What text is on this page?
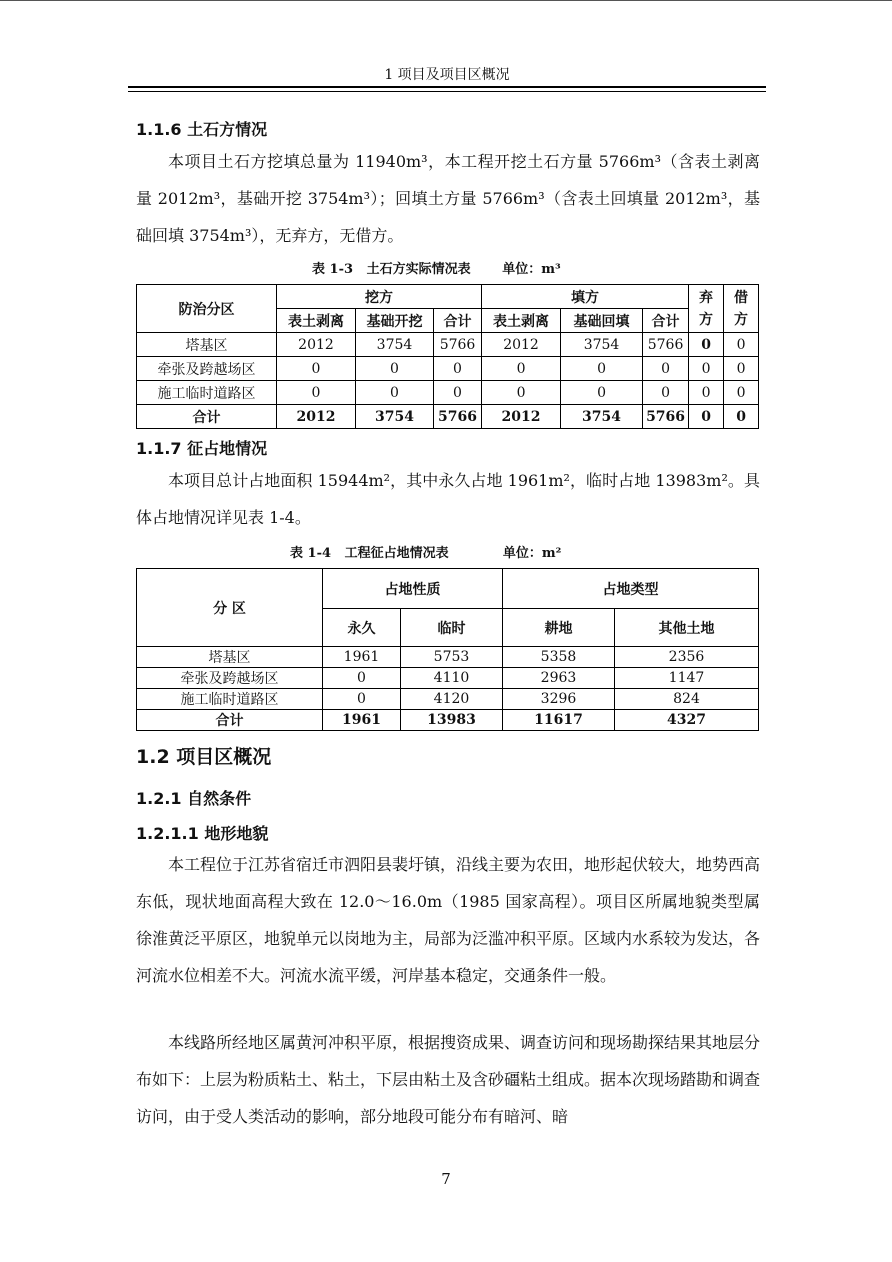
1 项目及项目区概况
1.1.6 土石方情况

本项目土石方挖填总量为 11940m³，本工程开挖土石方量 5766m³（含表土剥离量 2012m³，基础开挖 3754m³）；回填土方量 5766m³（含表土回填量 2012m³，基础回填 3754m³），无弃方，无借方。

表 1-3   土石方实际情况表       单位：m³
防治分区	挖方			填方			弃方	借方
	表土剥离	基础开挖	合计	表土剥离	基础回填	合计		
塔基区	2012	3754	5766	2012	3754	5766	0	0
牵张及跨越场区	0	0	0	0	0	0	0	0
施工临时道路区	0	0	0	0	0	0	0	0
合计	2012	3754	5766	2012	3754	5766	0	0
1.1.7 征占地情况

本项目总计占地面积 15944m²，其中永久占地 1961m²，临时占地 13983m²。具体占地情况详见表 1-4。

表 1-4   工程征占地情况表            单位：m²
分 区	占地性质		占地类型	
	永久	临时	耕地	其他土地
塔基区	1961	5753	5358	2356
牵张及跨越场区	0	4110	2963	1147
施工临时道路区	0	4120	3296	824
合计	1961	13983	11617	4327
1.2 项目区概况
1.2.1 自然条件
1.2.1.1 地形地貌

本工程位于江苏省宿迁市泗阳县裴圩镇，沿线主要为农田，地形起伏较大，地势西高东低，现状地面高程大致在 12.0～16.0m（1985 国家高程）。项目区所属地貌类型属徐淮黄泛平原区，地貌单元以岗地为主，局部为泛滥冲积平原。区域内水系较为发达，各河流水位相差不大。河流水流平缓，河岸基本稳定，交通条件一般。

本线路所经地区属黄河冲积平原，根据搜资成果、调查访问和现场勘探结果其地层分布如下：上层为粉质粘土、粘土，下层由粘土及含砂礓粘土组成。据本次现场踏勘和调查访问，由于受人类活动的影响，部分地段可能分布有暗河、暗

7
